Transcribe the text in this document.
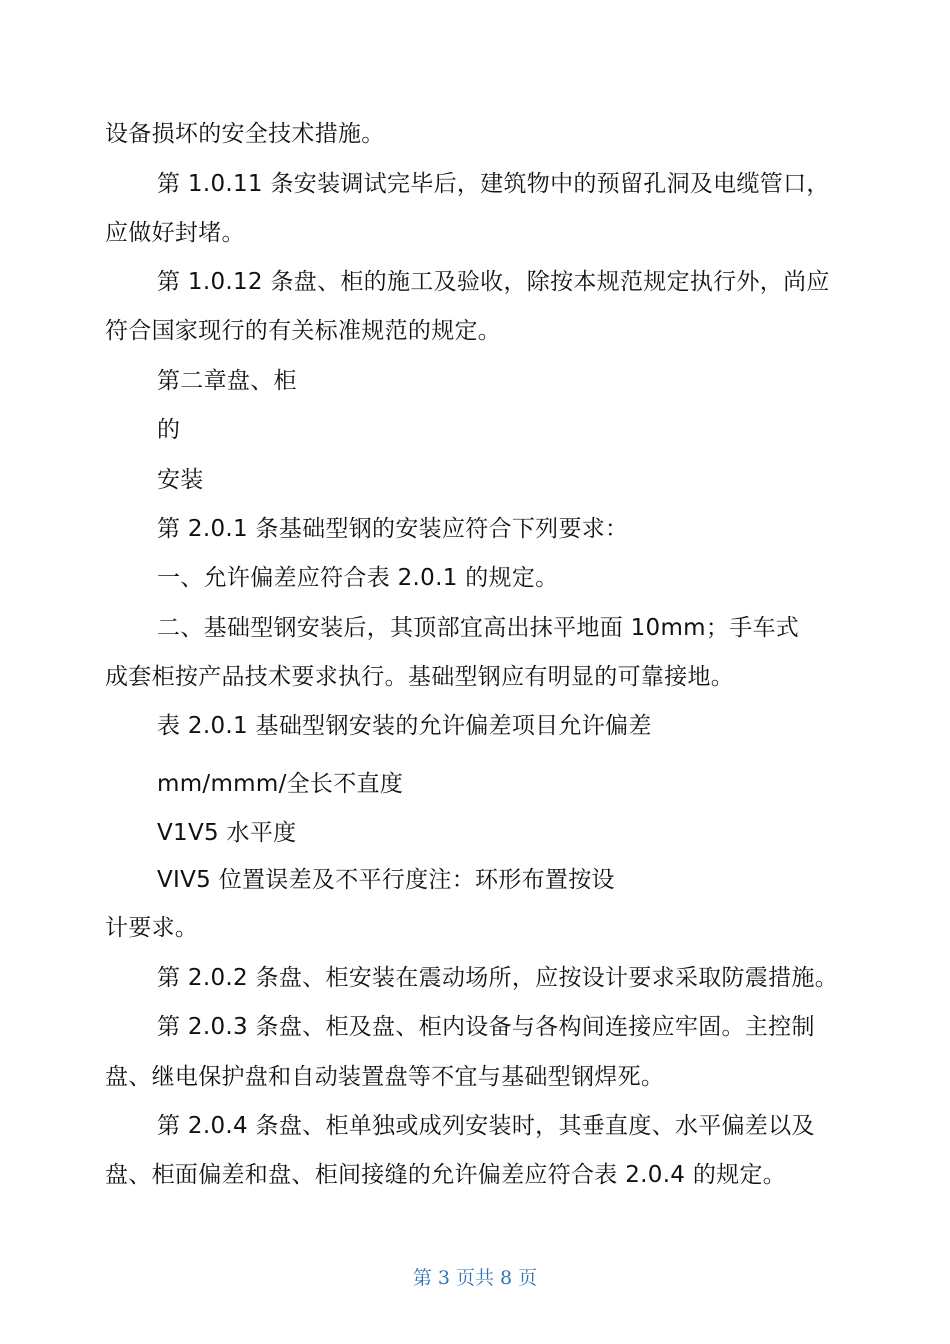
设备损坏的安全技术措施。
第 1.0.11 条安装调试完毕后，建筑物中的预留孔洞及电缆管口，
应做好封堵。
第 1.0.12 条盘、柜的施工及验收，除按本规范规定执行外，尚应
符合国家现行的有关标准规范的规定。
第二章盘、柜
的
安装
第 2.0.1 条基础型钢的安装应符合下列要求：
一、允许偏差应符合表 2.0.1 的规定。
二、基础型钢安装后，其顶部宜高出抹平地面 10mm；手车式
成套柜按产品技术要求执行。基础型钢应有明显的可靠接地。
表 2.0.1 基础型钢安装的允许偏差项目允许偏差
mm/mmm/全长不直度
V1V5 水平度
VIV5 位置误差及不平行度注：环形布置按设
计要求。
第 2.0.2 条盘、柜安装在震动场所，应按设计要求采取防震措施。
第 2.0.3 条盘、柜及盘、柜内设备与各构间连接应牢固。主控制
盘、继电保护盘和自动装置盘等不宜与基础型钢焊死。
第 2.0.4 条盘、柜单独或成列安装时，其垂直度、水平偏差以及
盘、柜面偏差和盘、柜间接缝的允许偏差应符合表 2.0.4 的规定。
第 3 页共 8 页
